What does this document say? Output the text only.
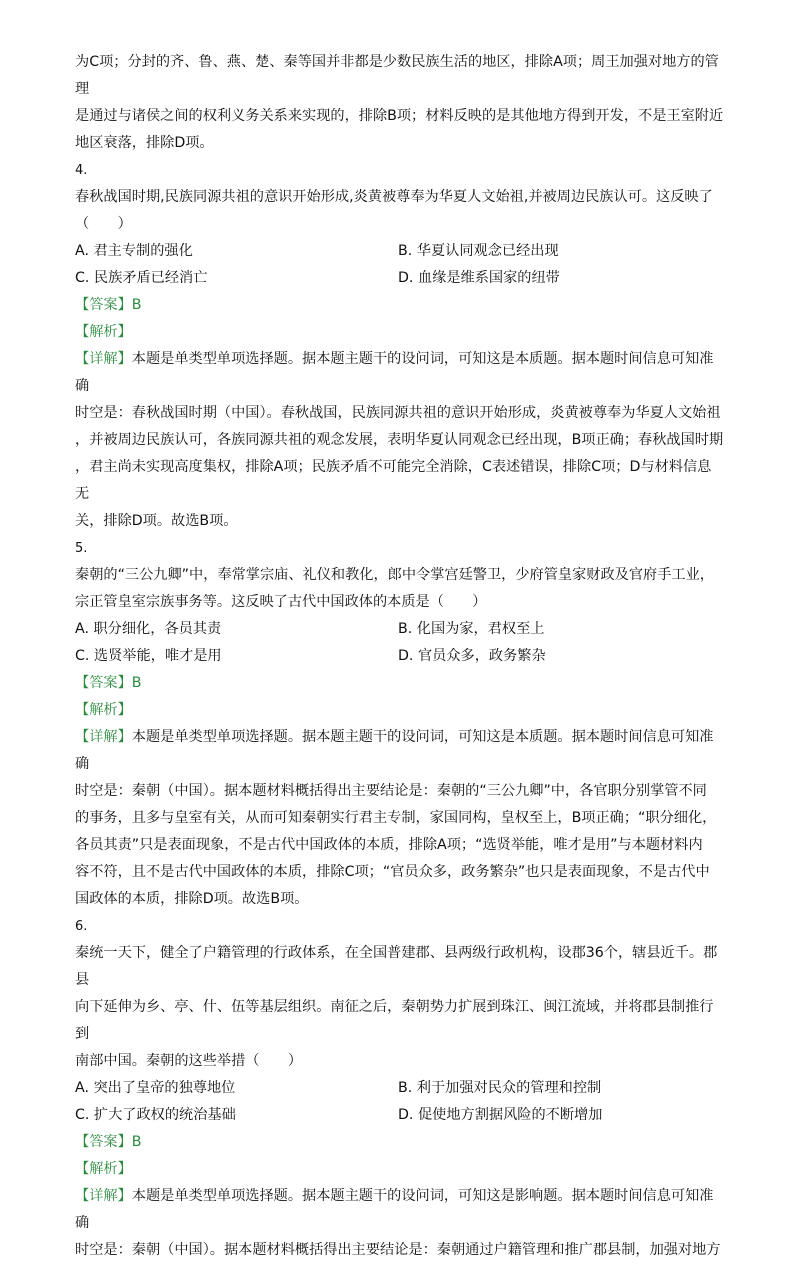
为C项；分封的齐、鲁、燕、楚、秦等国并非都是少数民族生活的地区，排除A项；周王加强对地方的管理

是通过与诸侯之间的权利义务关系来实现的，排除B项；材料反映的是其他地方得到开发，不是王室附近

地区衰落，排除D项。

4.

春秋战国时期,民族同源共祖的意识开始形成,炎黄被尊奉为华夏人文始祖,并被周边民族认可。这反映了

（　　）

A. 君主专制的强化	B. 华夏认同观念已经出现

C. 民族矛盾已经消亡	D. 血缘是维系国家的纽带

【答案】B

【解析】

【详解】本题是单类型单项选择题。据本题主题干的设问词，可知这是本质题。据本题时间信息可知准确

时空是：春秋战国时期（中国）。春秋战国，民族同源共祖的意识开始形成，炎黄被尊奉为华夏人文始祖

，并被周边民族认可，各族同源共祖的观念发展，表明华夏认同观念已经出现，B项正确；春秋战国时期

，君主尚未实现高度集权，排除A项；民族矛盾不可能完全消除，C表述错误，排除C项；D与材料信息无

关，排除D项。故选B项。

5.

秦朝的“三公九卿”中，奉常掌宗庙、礼仪和教化，郎中令掌宫廷警卫，少府管皇家财政及官府手工业，

宗正管皇室宗族事务等。这反映了古代中国政体的本质是（　　）

A. 职分细化，各员其责	B. 化国为家，君权至上

C. 选贤举能，唯才是用	D. 官员众多，政务繁杂

【答案】B

【解析】

【详解】本题是单类型单项选择题。据本题主题干的设问词，可知这是本质题。据本题时间信息可知准确

时空是：秦朝（中国）。据本题材料概括得出主要结论是：秦朝的“三公九卿”中，各官职分别掌管不同

的事务，且多与皇室有关，从而可知秦朝实行君主专制，家国同构，皇权至上，B项正确；“职分细化，

各员其责”只是表面现象，不是古代中国政体的本质，排除A项；“选贤举能，唯才是用”与本题材料内

容不符，且不是古代中国政体的本质，排除C项；“官员众多，政务繁杂”也只是表面现象，不是古代中

国政体的本质，排除D项。故选B项。

6.

秦统一天下，健全了户籍管理的行政体系，在全国普建郡、县两级行政机构，设郡36个，辖县近千。郡县

向下延伸为乡、亭、什、伍等基层组织。南征之后，秦朝势力扩展到珠江、闽江流域，并将郡县制推行到

南部中国。秦朝的这些举措（　　）

A. 突出了皇帝的独尊地位	B. 利于加强对民众的管理和控制

C. 扩大了政权的统治基础	D. 促使地方割据风险的不断增加

【答案】B

【解析】

【详解】本题是单类型单项选择题。据本题主题干的设问词，可知这是影响题。据本题时间信息可知准确

时空是：秦朝（中国）。据本题材料概括得出主要结论是：秦朝通过户籍管理和推广郡县制，加强对地方
